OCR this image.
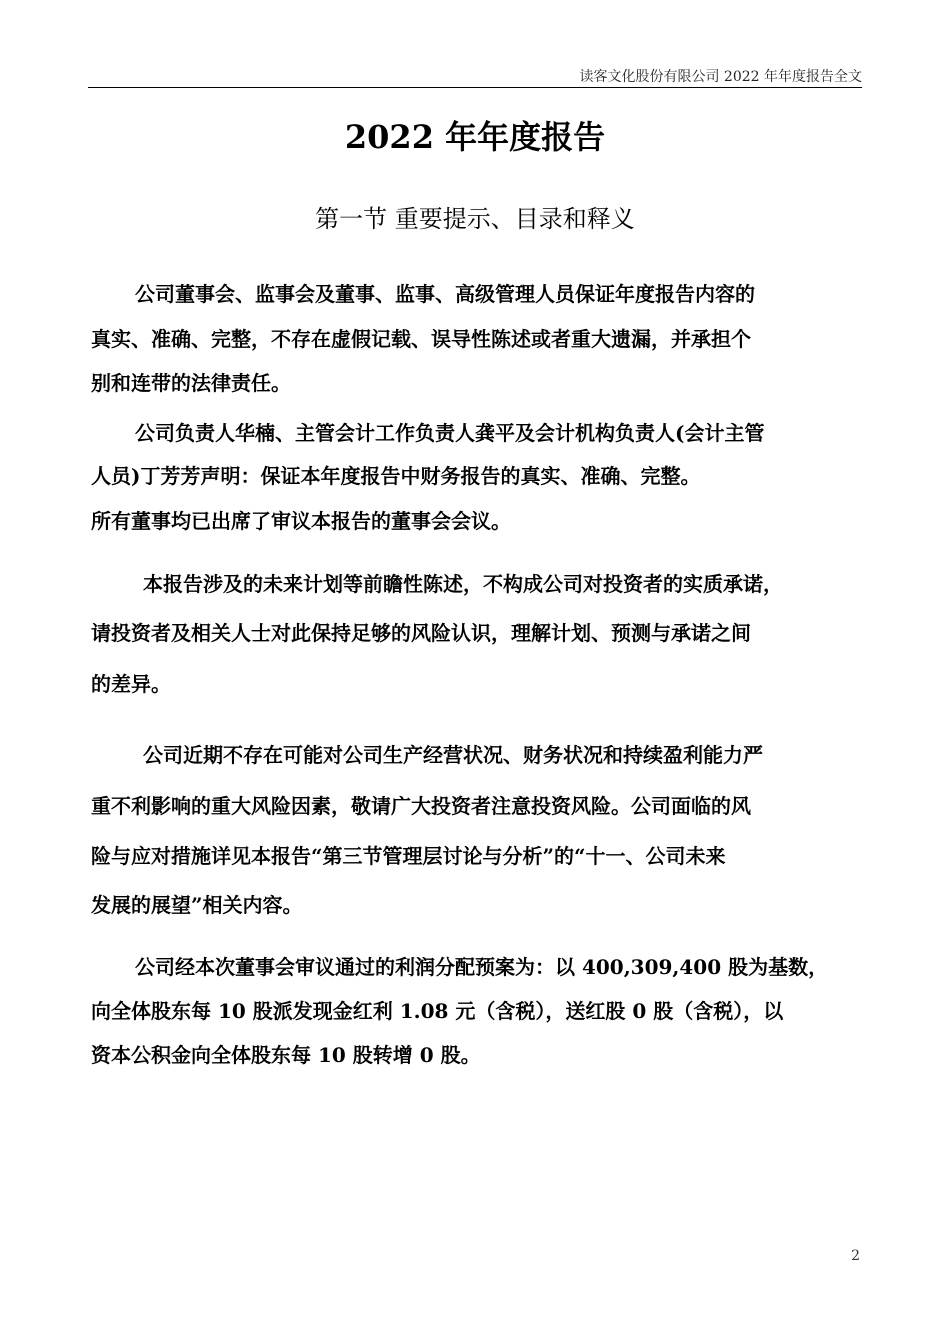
读客文化股份有限公司 2022 年年度报告全文
2022 年年度报告
第一节 重要提示、目录和释义
公司董事会、监事会及董事、监事、高级管理人员保证年度报告内容的
真实、准确、完整，不存在虚假记载、误导性陈述或者重大遗漏，并承担个
别和连带的法律责任。
公司负责人华楠、主管会计工作负责人龚平及会计机构负责人(会计主管
人员)丁芳芳声明：保证本年度报告中财务报告的真实、准确、完整。
所有董事均已出席了审议本报告的董事会会议。
本报告涉及的未来计划等前瞻性陈述，不构成公司对投资者的实质承诺，
请投资者及相关人士对此保持足够的风险认识，理解计划、预测与承诺之间
的差异。
公司近期不存在可能对公司生产经营状况、财务状况和持续盈利能力严
重不利影响的重大风险因素，敬请广大投资者注意投资风险。公司面临的风
险与应对措施详见本报告“第三节管理层讨论与分析”的“十一、公司未来
发展的展望”相关内容。
公司经本次董事会审议通过的利润分配预案为：以 400,309,400 股为基数，
向全体股东每 10 股派发现金红利 1.08 元（含税），送红股 0 股（含税），以
资本公积金向全体股东每 10 股转增 0 股。
2
